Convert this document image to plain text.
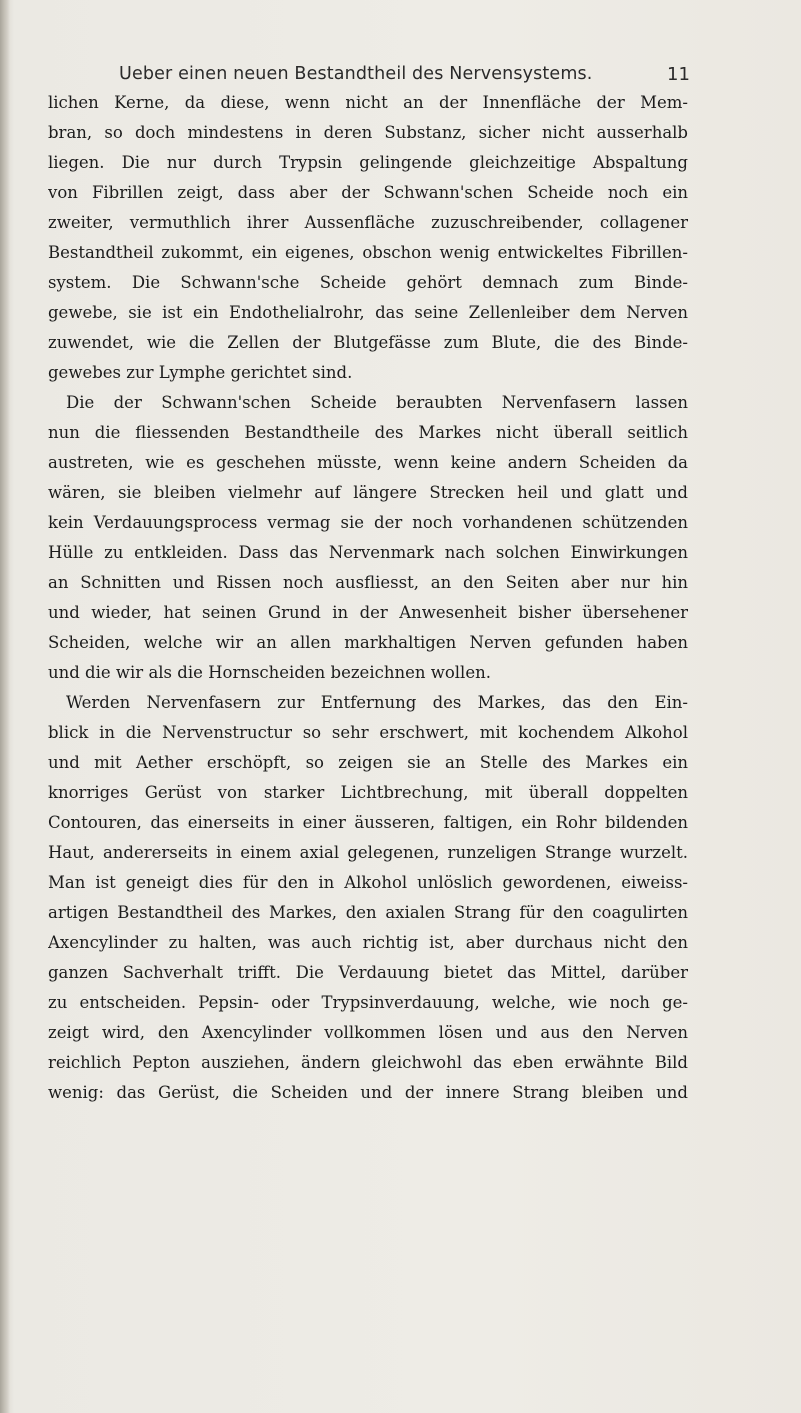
Ueber einen neuen Bestandtheil des Nervensystems.	11
lichen Kerne, da diese, wenn nicht an der Innenfläche der Mem-
bran, so doch mindestens in deren Substanz, sicher nicht ausserhalb
liegen. Die nur durch Trypsin gelingende gleichzeitige Abspaltung
von Fibrillen zeigt, dass aber der Schwann'schen Scheide noch ein
zweiter, vermuthlich ihrer Aussenfläche zuzuschreibender, collagener
Bestandtheil zukommt, ein eigenes, obschon wenig entwickeltes Fibrillen-
system. Die Schwann'sche Scheide gehört demnach zum Binde-
gewebe, sie ist ein Endothelialrohr, das seine Zellenleiber dem Nerven
zuwendet, wie die Zellen der Blutgefässe zum Blute, die des Binde-
gewebes zur Lymphe gerichtet sind.
Die der Schwann'schen Scheide beraubten Nervenfasern lassen
nun die fliessenden Bestandtheile des Markes nicht überall seitlich
austreten, wie es geschehen müsste, wenn keine andern Scheiden da
wären, sie bleiben vielmehr auf längere Strecken heil und glatt und
kein Verdauungsprocess vermag sie der noch vorhandenen schützenden
Hülle zu entkleiden. Dass das Nervenmark nach solchen Einwirkungen
an Schnitten und Rissen noch ausfliesst, an den Seiten aber nur hin
und wieder, hat seinen Grund in der Anwesenheit bisher übersehener
Scheiden, welche wir an allen markhaltigen Nerven gefunden haben
und die wir als die Hornscheiden bezeichnen wollen.
Werden Nervenfasern zur Entfernung des Markes, das den Ein-
blick in die Nervenstructur so sehr erschwert, mit kochendem Alkohol
und mit Aether erschöpft, so zeigen sie an Stelle des Markes ein
knorriges Gerüst von starker Lichtbrechung, mit überall doppelten
Contouren, das einerseits in einer äusseren, faltigen, ein Rohr bildenden
Haut, andererseits in einem axial gelegenen, runzeligen Strange wurzelt.
Man ist geneigt dies für den in Alkohol unlöslich gewordenen, eiweiss-
artigen Bestandtheil des Markes, den axialen Strang für den coagulirten
Axencylinder zu halten, was auch richtig ist, aber durchaus nicht den
ganzen Sachverhalt trifft. Die Verdauung bietet das Mittel, darüber
zu entscheiden. Pepsin- oder Trypsinverdauung, welche, wie noch ge-
zeigt wird, den Axencylinder vollkommen lösen und aus den Nerven
reichlich Pepton ausziehen, ändern gleichwohl das eben erwähnte Bild
wenig: das Gerüst, die Scheiden und der innere Strang bleiben und
